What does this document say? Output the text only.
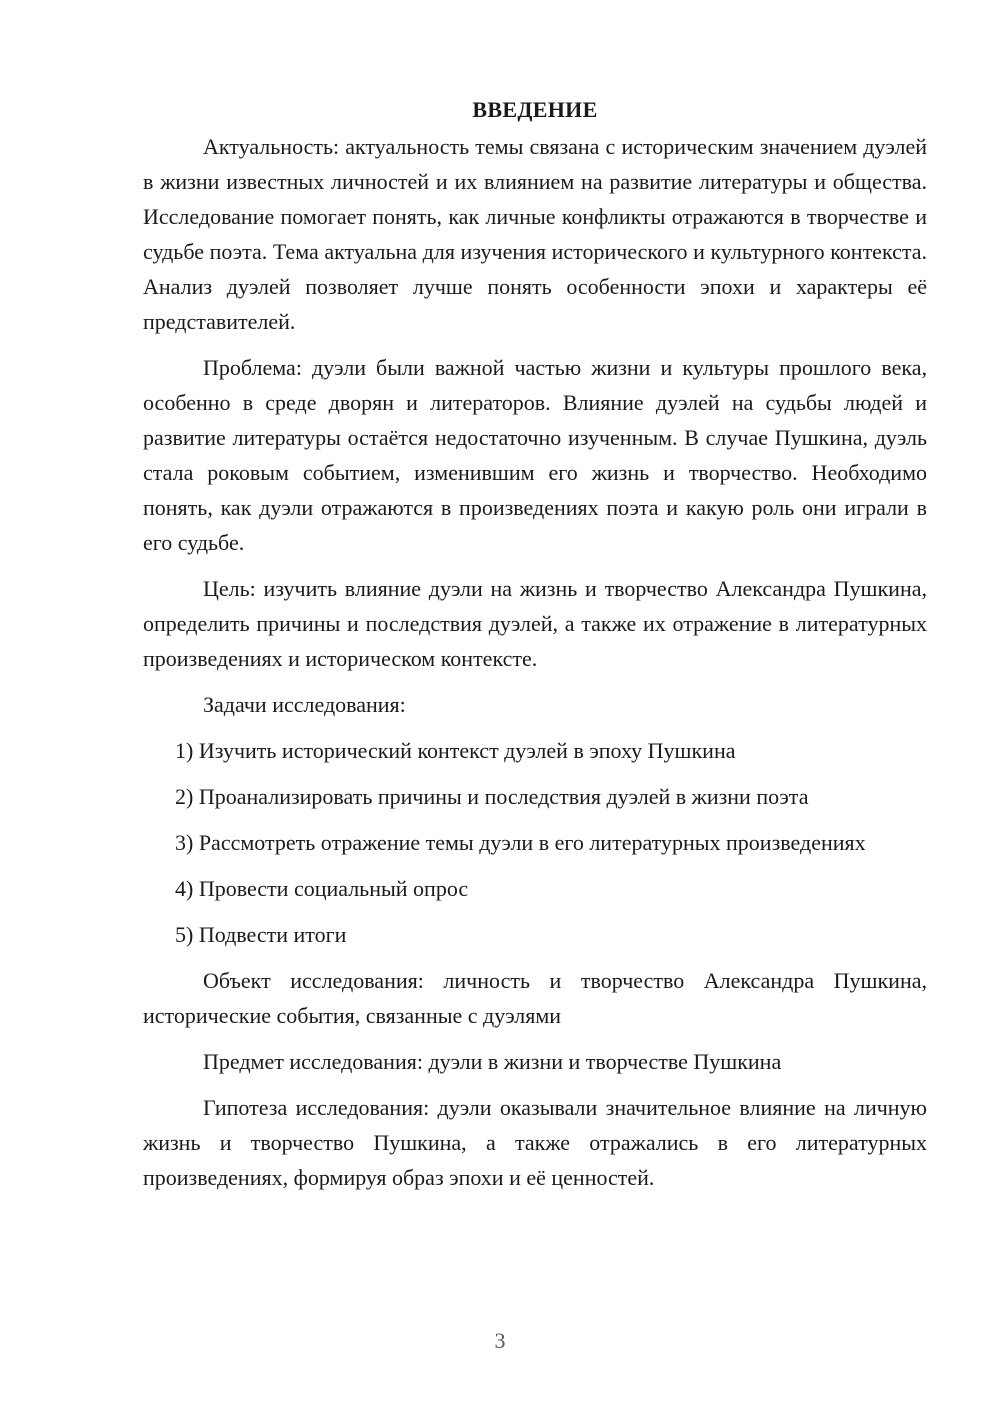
ВВЕДЕНИЕ

Актуальность: актуальность темы связана с историческим значением дуэлей в жизни известных личностей и их влиянием на развитие литературы и общества. Исследование помогает понять, как личные конфликты отражаются в творчестве и судьбе поэта. Тема актуальна для изучения исторического и культурного контекста. Анализ дуэлей позволяет лучше понять особенности эпохи и характеры её представителей.

Проблема: дуэли были важной частью жизни и культуры прошлого века, особенно в среде дворян и литераторов. Влияние дуэлей на судьбы людей и развитие литературы остаётся недостаточно изученным. В случае Пушкина, дуэль стала роковым событием, изменившим его жизнь и творчество. Необходимо понять, как дуэли отражаются в произведениях поэта и какую роль они играли в его судьбе.

Цель: изучить влияние дуэли на жизнь и творчество Александра Пушкина, определить причины и последствия дуэлей, а также их отражение в литературных произведениях и историческом контексте.

Задачи исследования:

1) Изучить исторический контекст дуэлей в эпоху Пушкина

2) Проанализировать причины и последствия дуэлей в жизни поэта

3) Рассмотреть отражение темы дуэли в его литературных произведениях

4) Провести социальный опрос

5) Подвести итоги

Объект исследования: личность и творчество Александра Пушкина, исторические события, связанные с дуэлями

Предмет исследования: дуэли в жизни и творчестве Пушкина

Гипотеза исследования: дуэли оказывали значительное влияние на личную жизнь и творчество Пушкина, а также отражались в его литературных произведениях, формируя образ эпохи и её ценностей.

3
